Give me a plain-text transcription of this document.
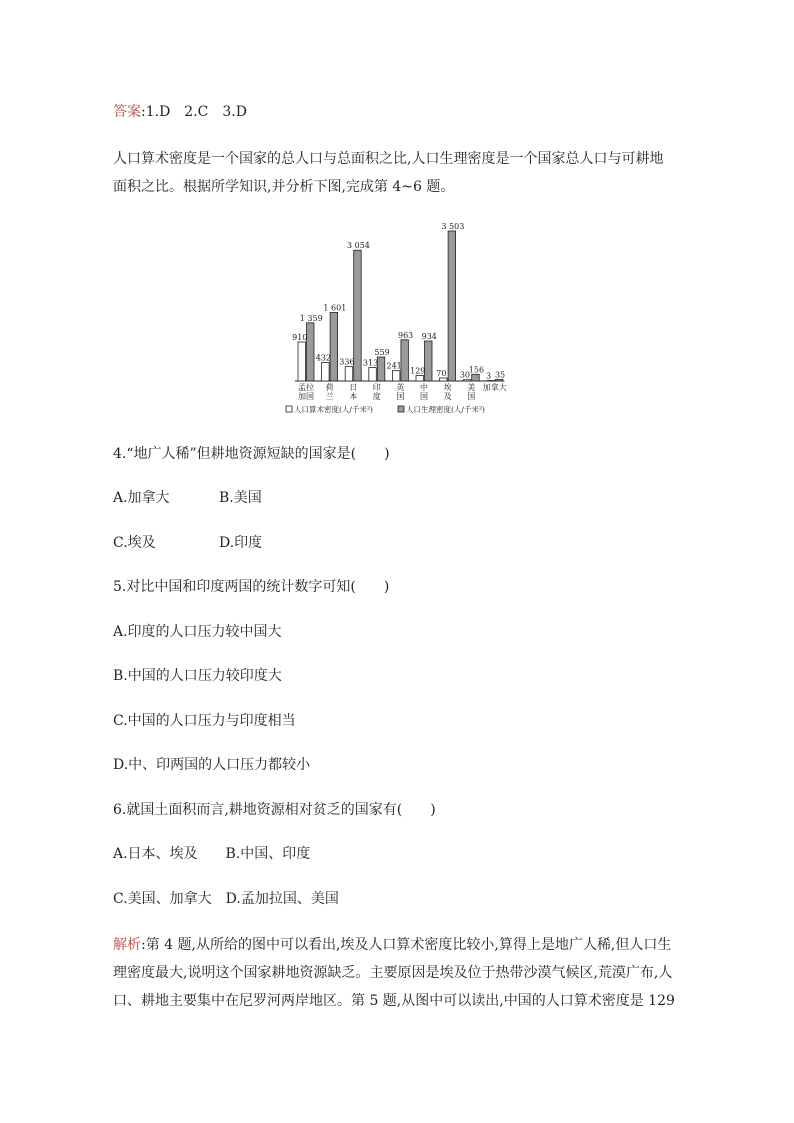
答案:1.D　2.C　3.D
人口算术密度是一个国家的总人口与总面积之比,人口生理密度是一个国家总人口与可耕地
面积之比。根据所学知识,并分析下图,完成第 4~6 题。
910
1 359
孟
加
拉
国
432
1 601
荷
兰
336
3 054
日
本
313
559
印
度
241
963
英
国
129
934
中
国
70
3 503
埃
及
30
156
美
国
3 35
加拿大
人口算术密度(人/千米²)	人口生理密度(人/千米²)
4.“地广人稀”但耕地资源短缺的国家是(　　)
A.加拿大	B.美国
C.埃及	D.印度
5.对比中国和印度两国的统计数字可知(　　)
A.印度的人口压力较中国大
B.中国的人口压力较印度大
C.中国的人口压力与印度相当
D.中、印两国的人口压力都较小
6.就国土面积而言,耕地资源相对贫乏的国家有(　　)
A.日本、埃及　　B.中国、印度
C.美国、加拿大　D.孟加拉国、美国
解析:第 4 题,从所给的图中可以看出,埃及人口算术密度比较小,算得上是地广人稀,但人口生
理密度最大,说明这个国家耕地资源缺乏。主要原因是埃及位于热带沙漠气候区,荒漠广布,人
口、耕地主要集中在尼罗河两岸地区。第 5 题,从图中可以读出,中国的人口算术密度是 129
